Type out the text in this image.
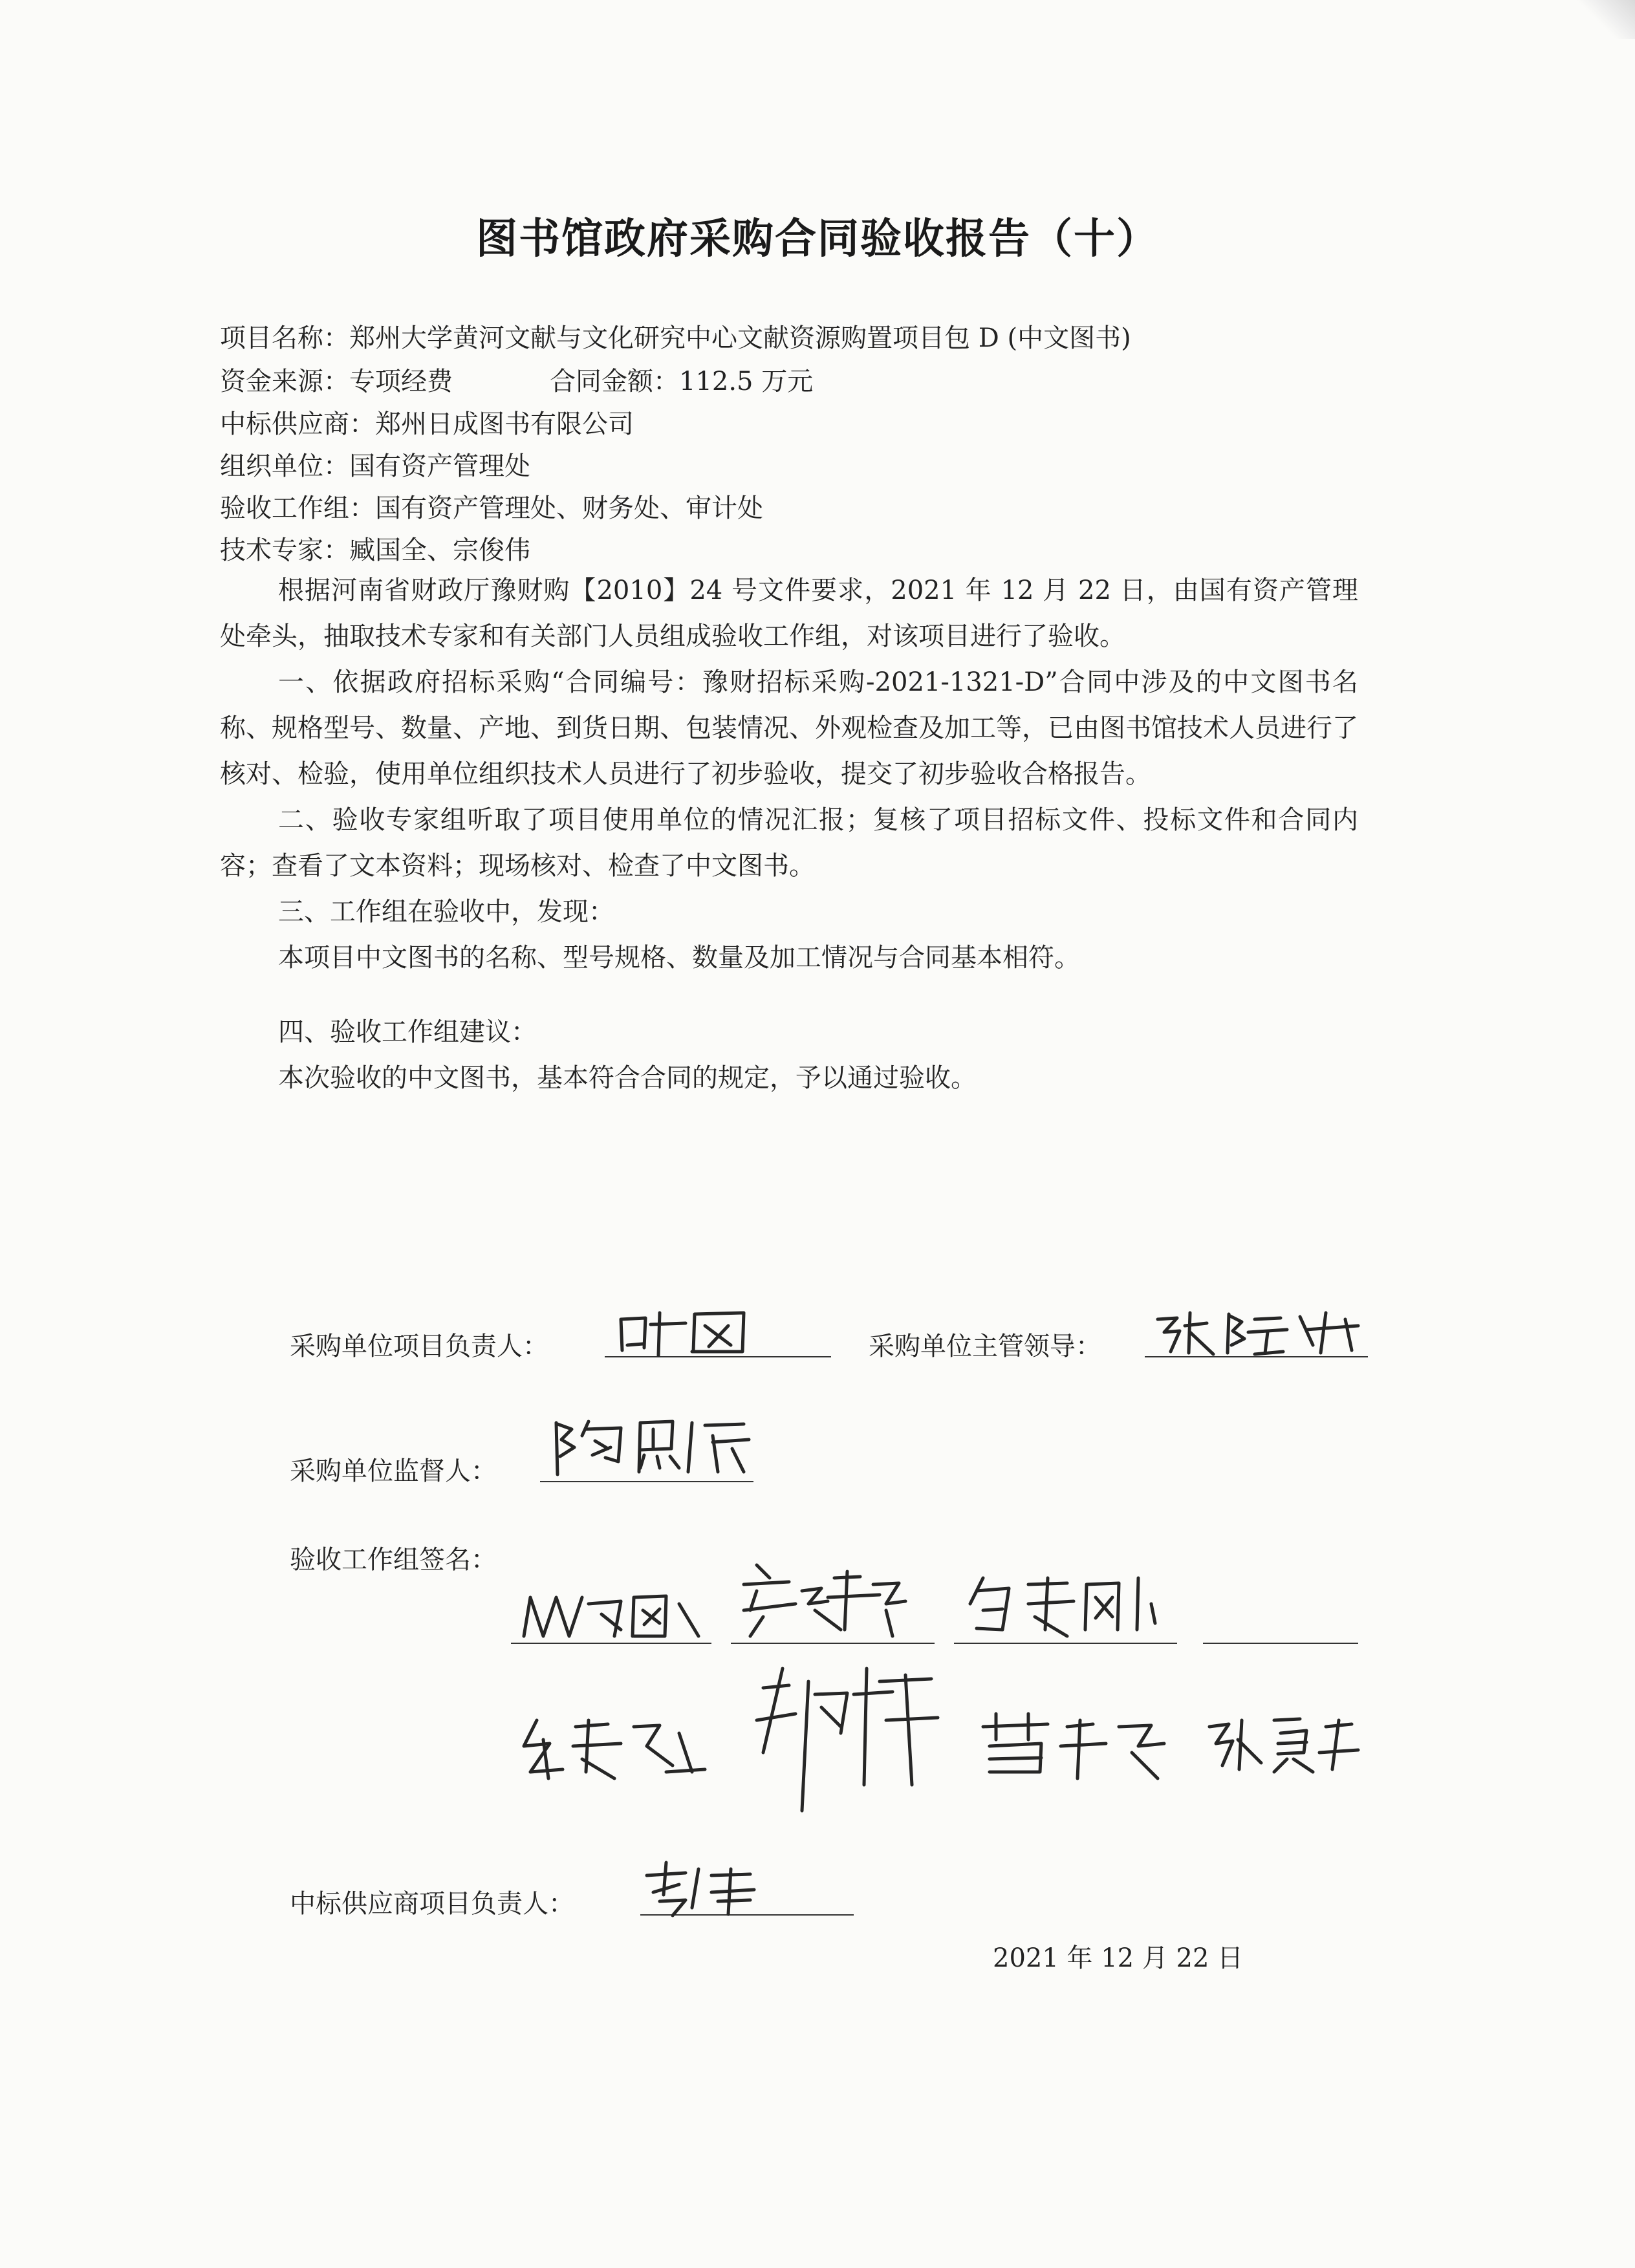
图书馆政府采购合同验收报告（十）
项目名称：郑州大学黄河文献与文化研究中心文献资源购置项目包 D (中文图书)
资金来源：专项经费	合同金额：112.5 万元
中标供应商：郑州日成图书有限公司
组织单位：国有资产管理处
验收工作组：国有资产管理处、财务处、审计处
技术专家：臧国全、宗俊伟

根据河南省财政厅豫财购【2010】24 号文件要求，2021 年 12 月 22 日，由国有资产管理处牵头，抽取技术专家和有关部门人员组成验收工作组，对该项目进行了验收。

一、依据政府招标采购“合同编号：豫财招标采购-2021-1321-D”合同中涉及的中文图书名称、规格型号、数量、产地、到货日期、包装情况、外观检查及加工等，已由图书馆技术人员进行了核对、检验，使用单位组织技术人员进行了初步验收，提交了初步验收合格报告。

二、验收专家组听取了项目使用单位的情况汇报；复核了项目招标文件、投标文件和合同内容；查看了文本资料；现场核对、检查了中文图书。

三、工作组在验收中，发现：

本项目中文图书的名称、型号规格、数量及加工情况与合同基本相符。

四、验收工作组建议：

本次验收的中文图书，基本符合合同的规定，予以通过验收。

采购单位项目负责人：	采购单位主管领导：
采购单位监督人：
验收工作组签名：
中标供应商项目负责人：
2021 年 12 月 22 日
